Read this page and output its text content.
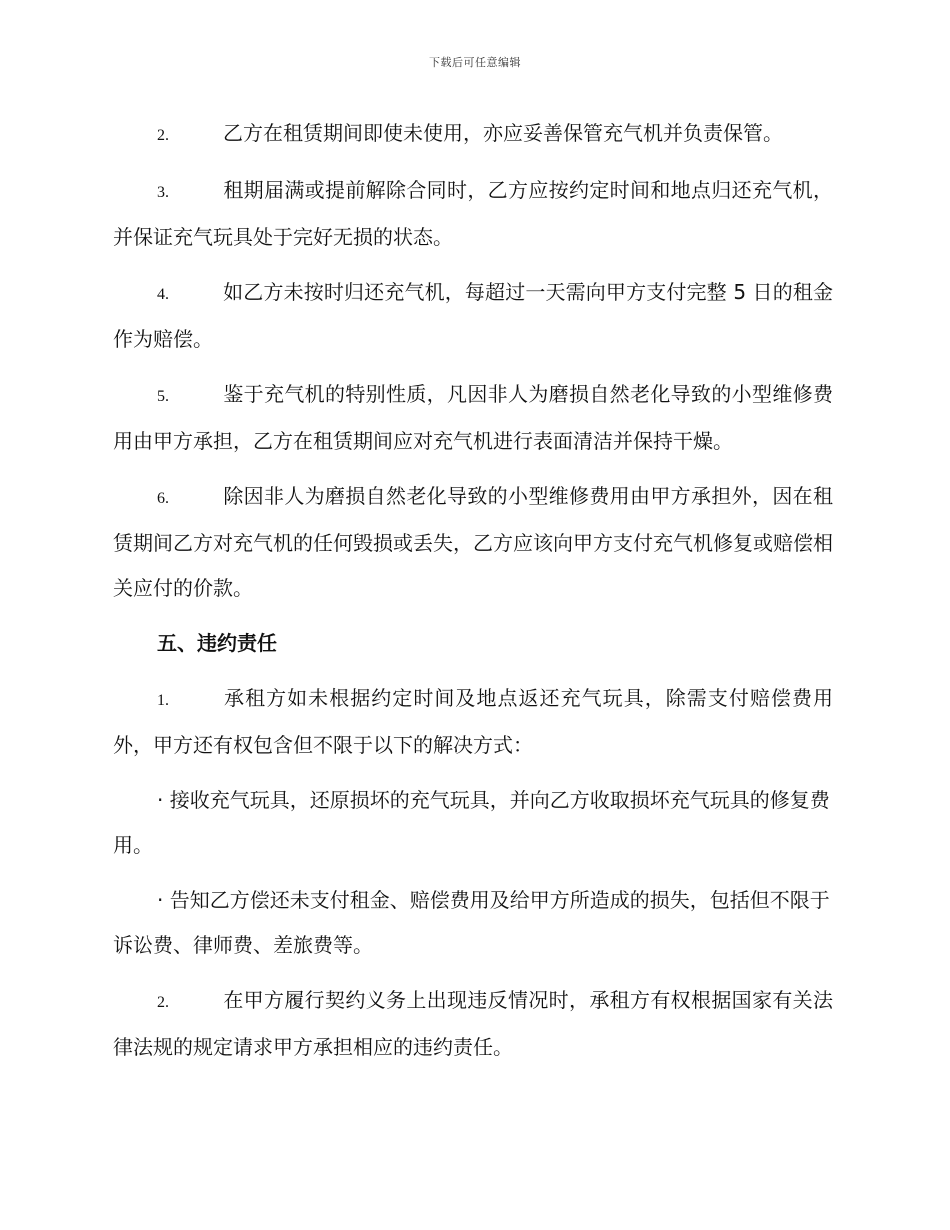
下载后可任意编辑

2.	乙方在租赁期间即使未使用，亦应妥善保管充气机并负责保管。

3.	租期届满或提前解除合同时，乙方应按约定时间和地点归还充气机，并保证充气玩具处于完好无损的状态。

4.	如乙方未按时归还充气机，每超过一天需向甲方支付完整 5 日的租金作为赔偿。

5.	鉴于充气机的特别性质，凡因非人为磨损自然老化导致的小型维修费用由甲方承担，乙方在租赁期间应对充气机进行表面清洁并保持干燥。

6.	除因非人为磨损自然老化导致的小型维修费用由甲方承担外，因在租赁期间乙方对充气机的任何毁损或丢失，乙方应该向甲方支付充气机修复或赔偿相关应付的价款。

五、违约责任

1.	承租方如未根据约定时间及地点返还充气玩具，除需支付赔偿费用外，甲方还有权包含但不限于以下的解决方式：

· 接收充气玩具，还原损坏的充气玩具，并向乙方收取损坏充气玩具的修复费用。

· 告知乙方偿还未支付租金、赔偿费用及给甲方所造成的损失，包括但不限于诉讼费、律师费、差旅费等。

2.	在甲方履行契约义务上出现违反情况时，承租方有权根据国家有关法律法规的规定请求甲方承担相应的违约责任。
